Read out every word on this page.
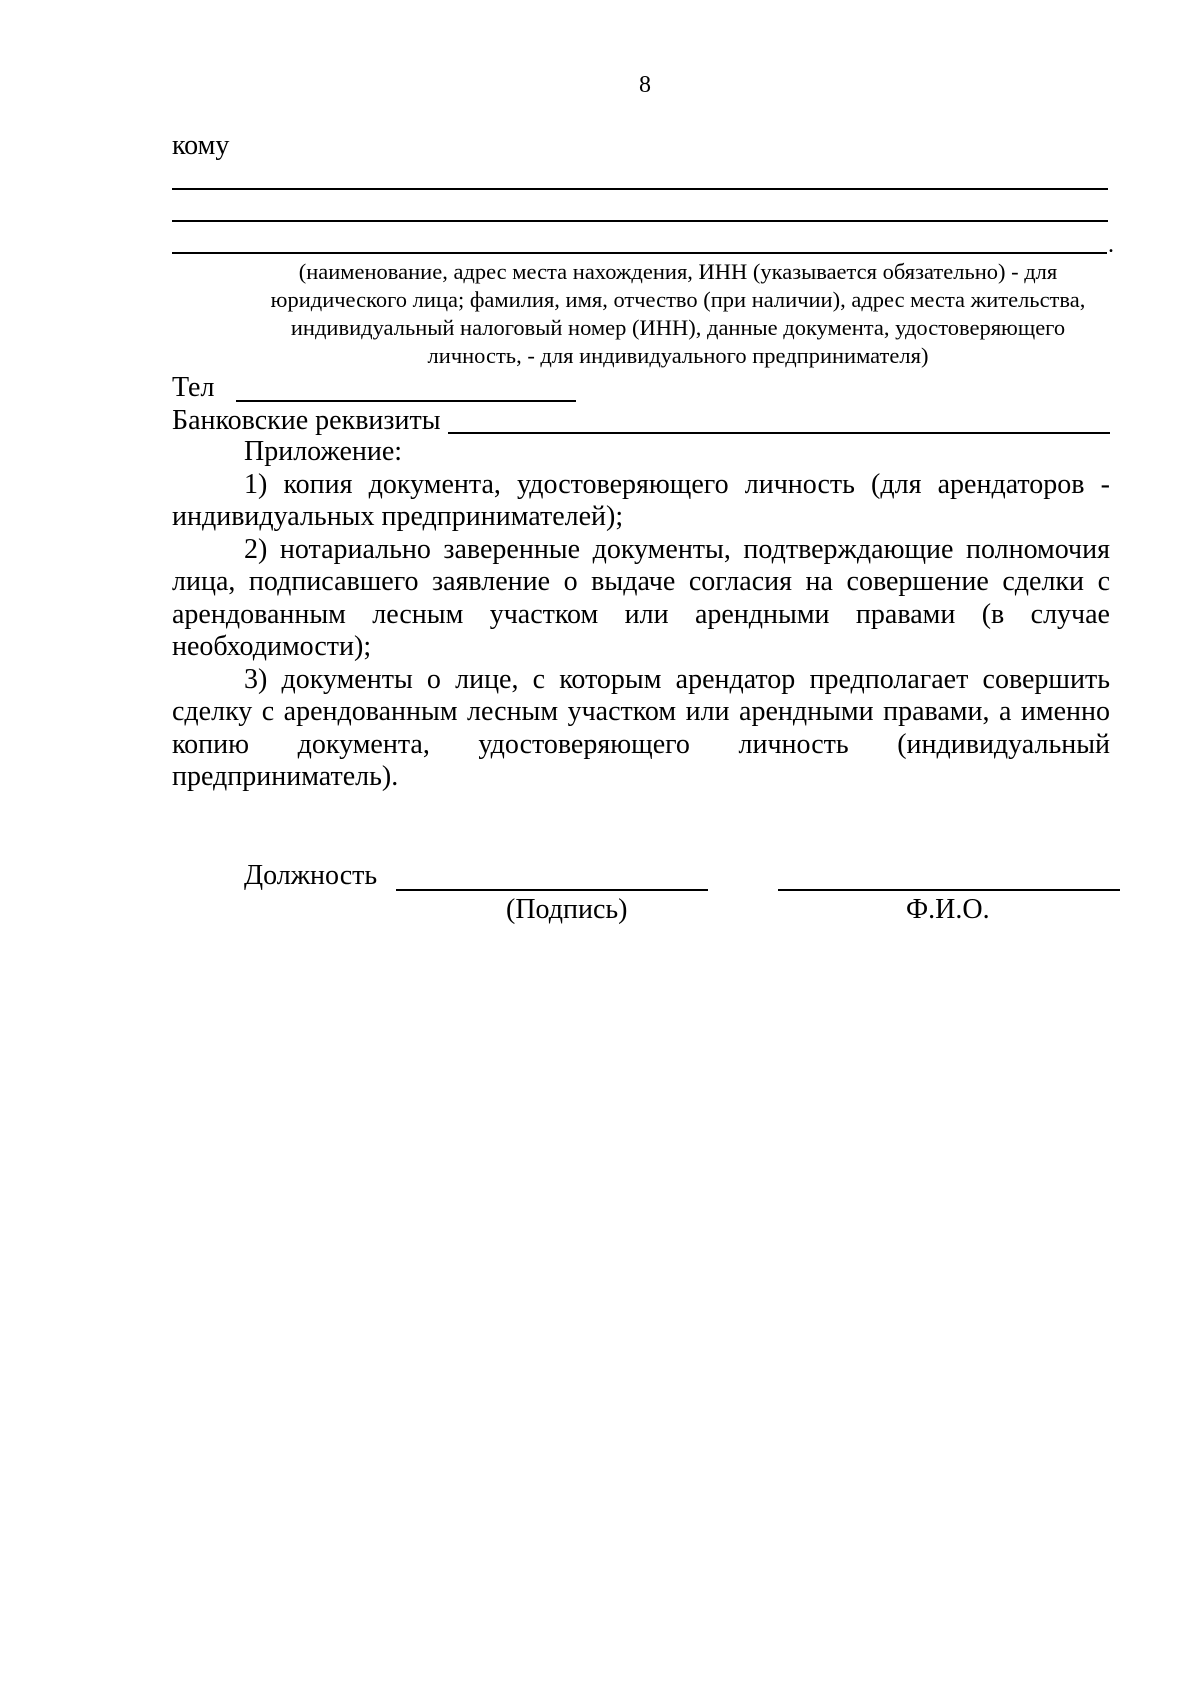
8
кому
.
(наименование, адрес места нахождения, ИНН (указывается обязательно) - для юридического лица; фамилия, имя, отчество (при наличии), адрес места жительства, индивидуальный налоговый номер (ИНН), данные документа, удостоверяющего личность, - для индивидуального предпринимателя)
Тел
Банковские реквизиты

Приложение:

1) копия документа, удостоверяющего личность (для арендаторов - индивидуальных предпринимателей);

2) нотариально заверенные документы, подтверждающие полномочия лица, подписавшего заявление о выдаче согласия на совершение сделки с арендованным лесным участком или арендными правами (в случае необходимости);

3) документы о лице, с которым арендатор предполагает совершить сделку с арендованным лесным участком или арендными правами, а именно копию документа, удостоверяющего личность (индивидуальный предприниматель).

Должность
(Подпись)	Ф.И.О.
